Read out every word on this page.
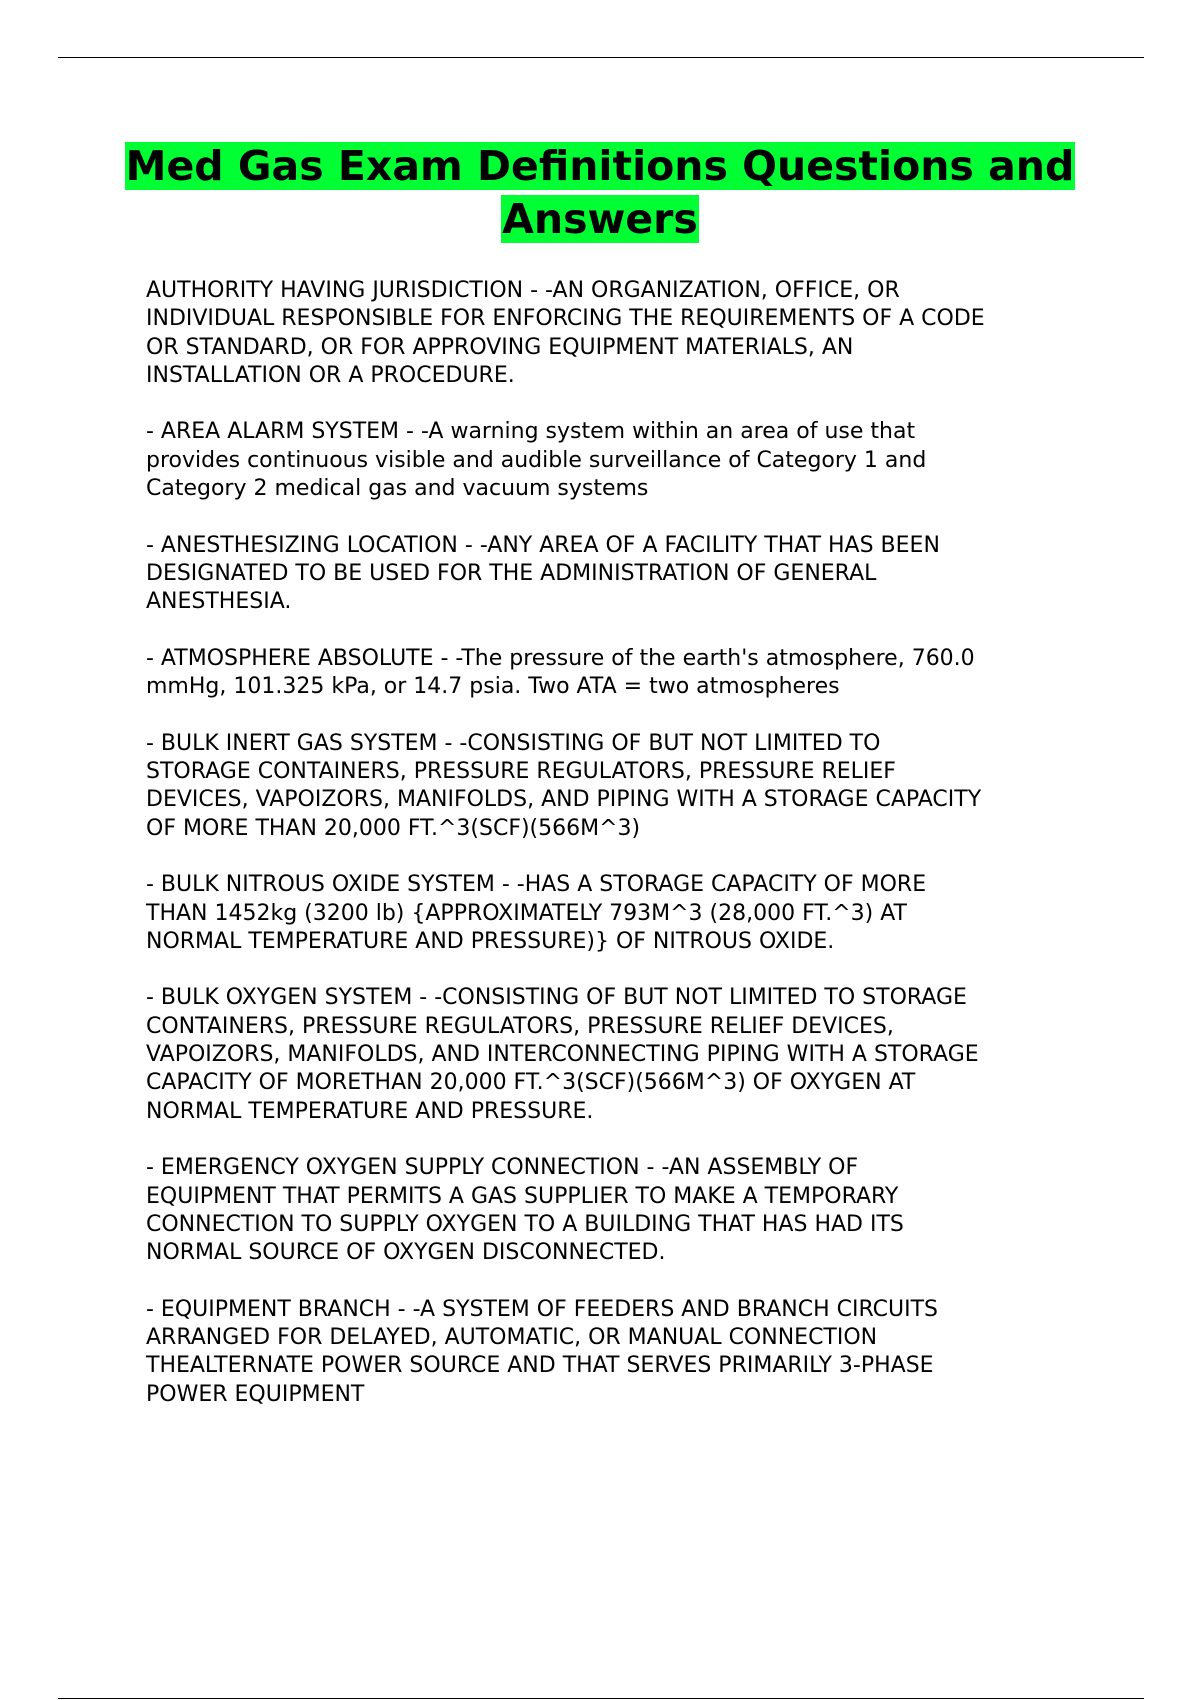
Med Gas Exam Definitions Questions and Answers

AUTHORITY HAVING JURISDICTION - -AN ORGANIZATION, OFFICE, OR
INDIVIDUAL RESPONSIBLE FOR ENFORCING THE REQUIREMENTS OF A CODE
OR STANDARD, OR FOR APPROVING EQUIPMENT MATERIALS, AN
INSTALLATION OR A PROCEDURE.

- AREA ALARM SYSTEM - -A warning system within an area of use that
provides continuous visible and audible surveillance of Category 1 and
Category 2 medical gas and vacuum systems

- ANESTHESIZING LOCATION - -ANY AREA OF A FACILITY THAT HAS BEEN
DESIGNATED TO BE USED FOR THE ADMINISTRATION OF GENERAL
ANESTHESIA.

- ATMOSPHERE ABSOLUTE - -The pressure of the earth's atmosphere, 760.0
mmHg, 101.325 kPa, or 14.7 psia. Two ATA = two atmospheres

- BULK INERT GAS SYSTEM - -CONSISTING OF BUT NOT LIMITED TO
STORAGE CONTAINERS, PRESSURE REGULATORS, PRESSURE RELIEF
DEVICES, VAPOIZORS, MANIFOLDS, AND PIPING WITH A STORAGE CAPACITY
OF MORE THAN 20,000 FT.^3(SCF)(566M^3)

- BULK NITROUS OXIDE SYSTEM - -HAS A STORAGE CAPACITY OF MORE
THAN 1452kg (3200 lb) {APPROXIMATELY 793M^3 (28,000 FT.^3) AT
NORMAL TEMPERATURE AND PRESSURE)} OF NITROUS OXIDE.

- BULK OXYGEN SYSTEM - -CONSISTING OF BUT NOT LIMITED TO STORAGE
CONTAINERS, PRESSURE REGULATORS, PRESSURE RELIEF DEVICES,
VAPOIZORS, MANIFOLDS, AND INTERCONNECTING PIPING WITH A STORAGE
CAPACITY OF MORETHAN 20,000 FT.^3(SCF)(566M^3) OF OXYGEN AT
NORMAL TEMPERATURE AND PRESSURE.

- EMERGENCY OXYGEN SUPPLY CONNECTION - -AN ASSEMBLY OF
EQUIPMENT THAT PERMITS A GAS SUPPLIER TO MAKE A TEMPORARY
CONNECTION TO SUPPLY OXYGEN TO A BUILDING THAT HAS HAD ITS
NORMAL SOURCE OF OXYGEN DISCONNECTED.

- EQUIPMENT BRANCH - -A SYSTEM OF FEEDERS AND BRANCH CIRCUITS
ARRANGED FOR DELAYED, AUTOMATIC, OR MANUAL CONNECTION
THEALTERNATE POWER SOURCE AND THAT SERVES PRIMARILY 3-PHASE
POWER EQUIPMENT
